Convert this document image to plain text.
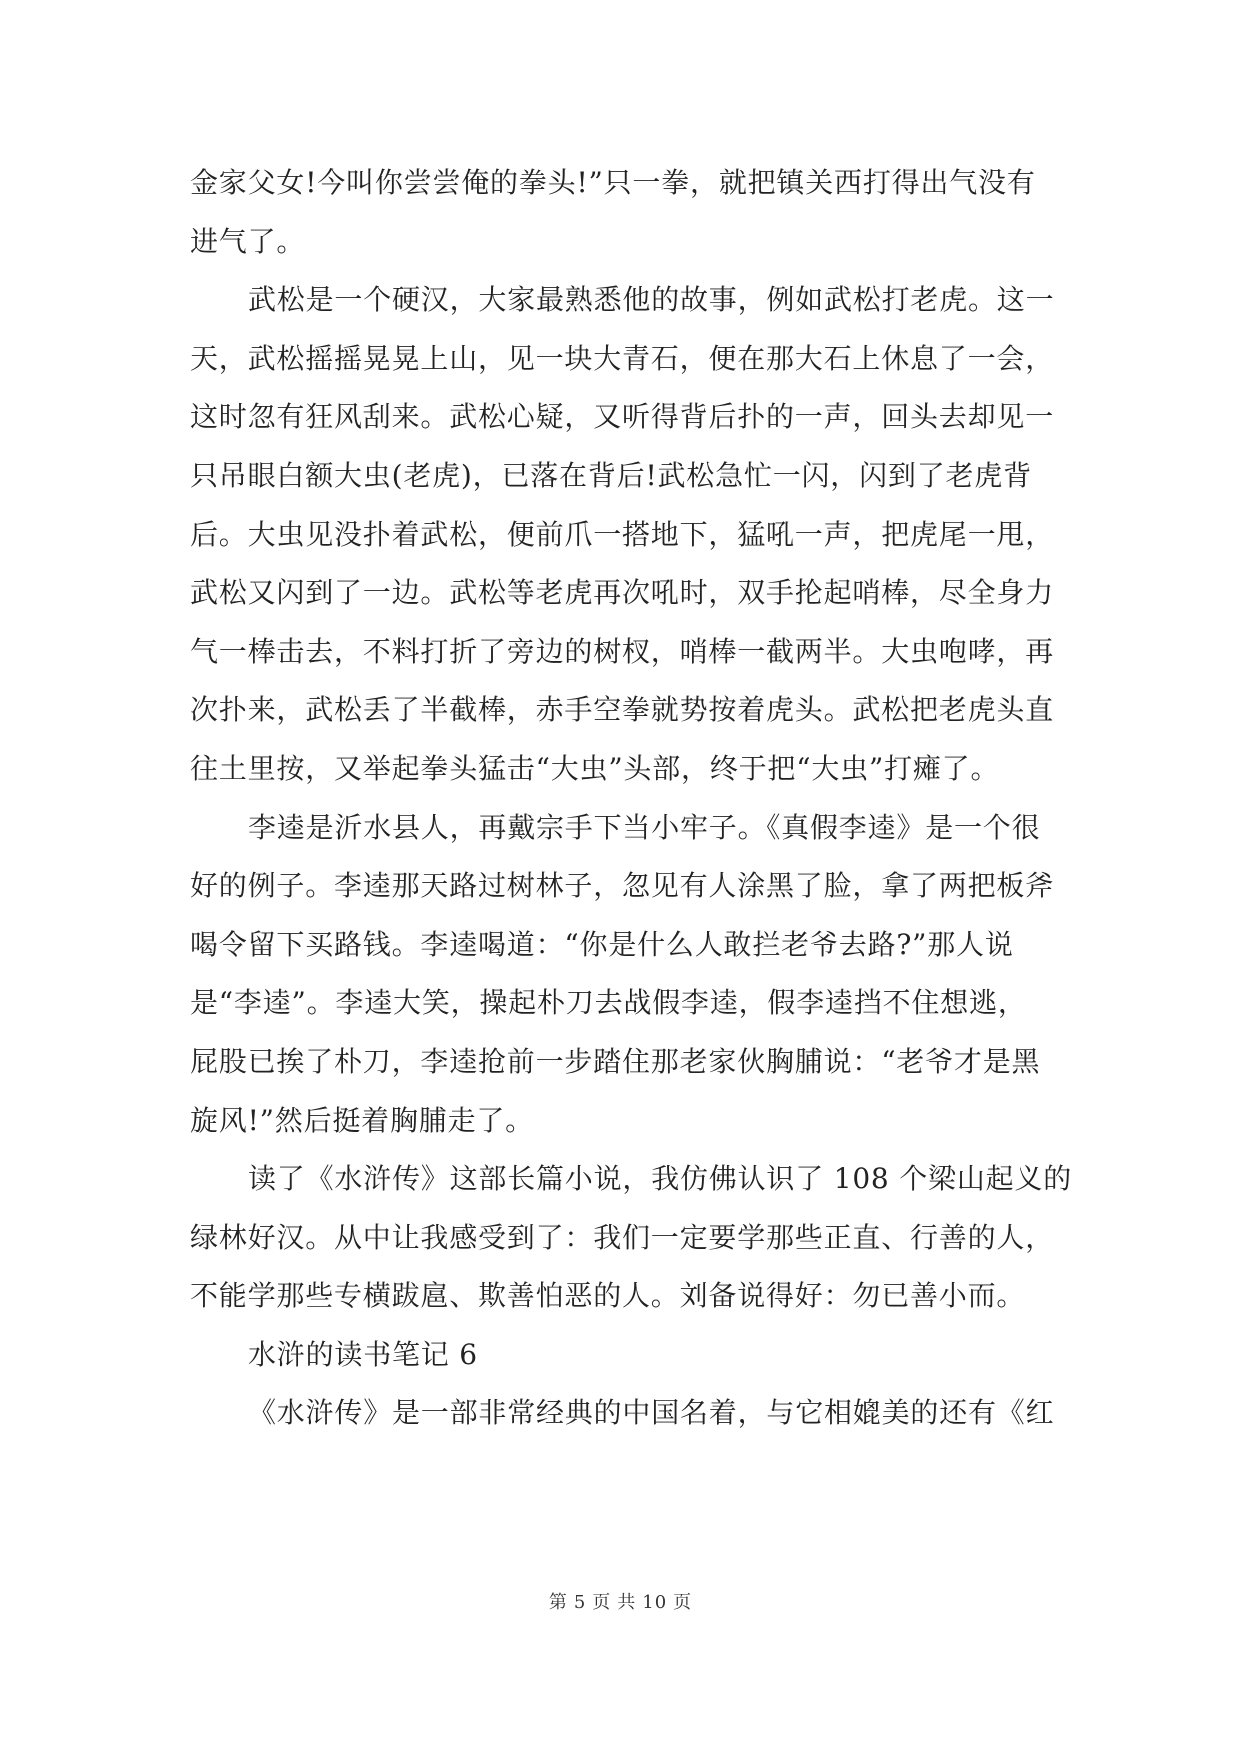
金家父女!今叫你尝尝俺的拳头!”只一拳，就把镇关西打得出气没有
进气了。
武松是一个硬汉，大家最熟悉他的故事，例如武松打老虎。这一
天，武松摇摇晃晃上山，见一块大青石，便在那大石上休息了一会，
这时忽有狂风刮来。武松心疑，又听得背后扑的一声，回头去却见一
只吊眼白额大虫(老虎)，已落在背后!武松急忙一闪，闪到了老虎背
后。大虫见没扑着武松，便前爪一搭地下，猛吼一声，把虎尾一甩，
武松又闪到了一边。武松等老虎再次吼时，双手抡起哨棒，尽全身力
气一棒击去，不料打折了旁边的树杈，哨棒一截两半。大虫咆哮，再
次扑来，武松丢了半截棒，赤手空拳就势按着虎头。武松把老虎头直
往土里按，又举起拳头猛击“大虫”头部，终于把“大虫”打瘫了。
李逵是沂水县人，再戴宗手下当小牢子。《真假李逵》是一个很
好的例子。李逵那天路过树林子，忽见有人涂黑了脸，拿了两把板斧
喝令留下买路钱。李逵喝道：“你是什么人敢拦老爷去路?”那人说
是“李逵”。李逵大笑，操起朴刀去战假李逵，假李逵挡不住想逃，
屁股已挨了朴刀，李逵抢前一步踏住那老家伙胸脯说：“老爷才是黑
旋风!”然后挺着胸脯走了。
读了《水浒传》这部长篇小说，我仿佛认识了 108 个梁山起义的
绿林好汉。从中让我感受到了：我们一定要学那些正直、行善的人，
不能学那些专横跋扈、欺善怕恶的人。刘备说得好：勿已善小而。
水浒的读书笔记 6
《水浒传》是一部非常经典的中国名着，与它相媲美的还有《红
第 5 页 共 10 页
